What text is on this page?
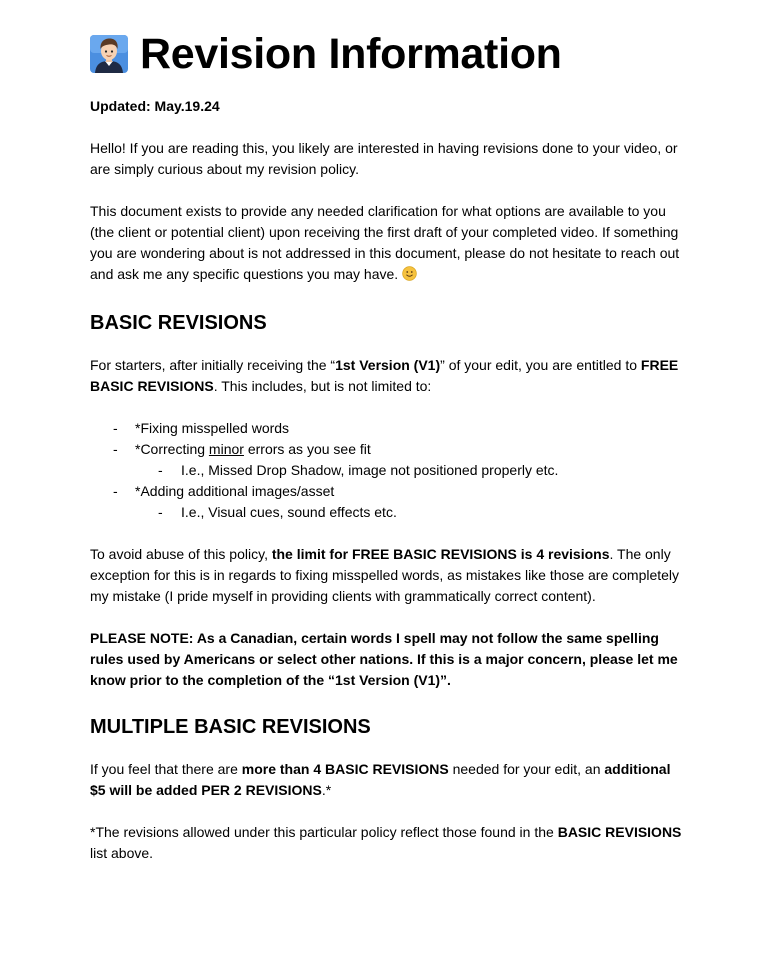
Revision Information

Updated: May.19.24

Hello! If you are reading this, you likely are interested in having revisions done to your video, or are simply curious about my revision policy.

This document exists to provide any needed clarification for what options are available to you (the client or potential client) upon receiving the first draft of your completed video. If something you are wondering about is not addressed in this document, please do not hesitate to reach out and ask me any specific questions you may have.

BASIC REVISIONS

For starters, after initially receiving the “1st Version (V1)” of your edit, you are entitled to FREE BASIC REVISIONS. This includes, but is not limited to:

- *Fixing misspelled words
- *Correcting minor errors as you see fit
- I.e., Missed Drop Shadow, image not positioned properly etc.
- *Adding additional images/asset
- I.e., Visual cues, sound effects etc.

To avoid abuse of this policy, the limit for FREE BASIC REVISIONS is 4 revisions. The only exception for this is in regards to fixing misspelled words, as mistakes like those are completely my mistake (I pride myself in providing clients with grammatically correct content).

PLEASE NOTE: As a Canadian, certain words I spell may not follow the same spelling rules used by Americans or select other nations. If this is a major concern, please let me know prior to the completion of the “1st Version (V1)”.

MULTIPLE BASIC REVISIONS

If you feel that there are more than 4 BASIC REVISIONS needed for your edit, an additional $5 will be added PER 2 REVISIONS.*

*The revisions allowed under this particular policy reflect those found in the BASIC REVISIONS list above.
